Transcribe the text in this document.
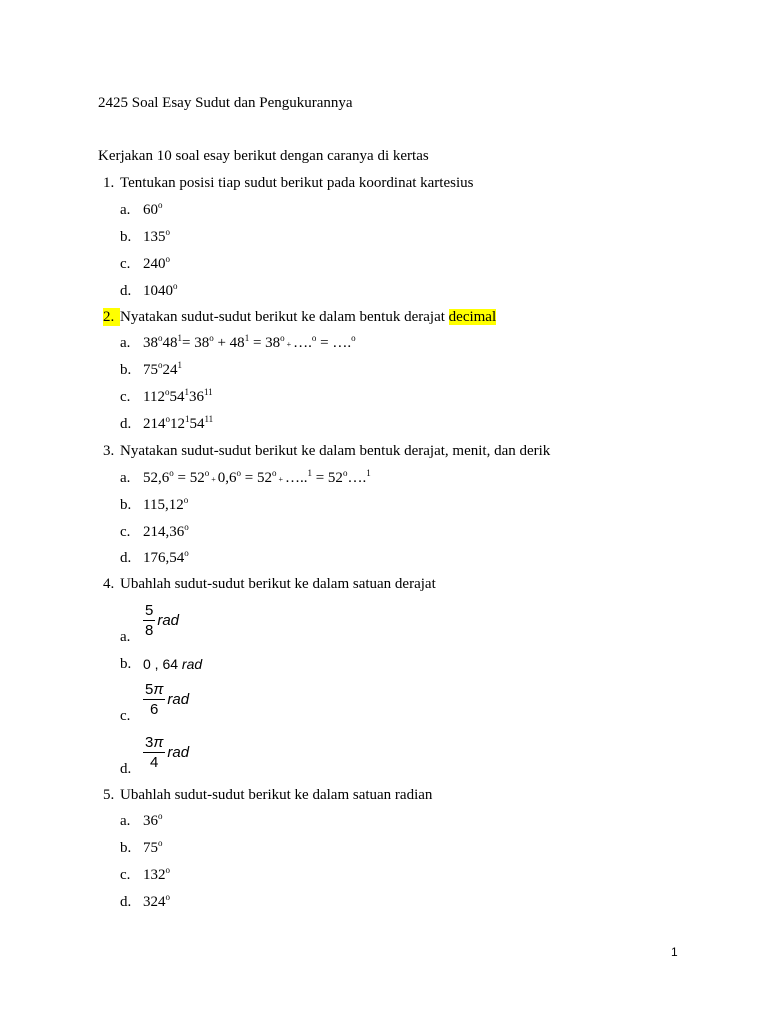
2425 Soal Esay Sudut dan Pengukurannya
Kerjakan 10 soal esay berikut dengan caranya di kertas
1. Tentukan posisi tiap sudut berikut pada koordinat kartesius
a. 60$^o$
b. 135$^o$
c. 240$^o$
d. 1040$^o$
2. Nyatakan sudut-sudut berikut ke dalam bentuk derajat decimal
a. $38^o48^1= 38^o + 48^1 = 38^o$ + ….$^o$ = ….$^o$
b. $75^o24^1$
c. $112^o54^136^{11}$
d. $214^o12^154^{11}$
3. Nyatakan sudut-sudut berikut ke dalam bentuk derajat, menit, dan derik
a. $52,6^o = 52^o + 0,6^o = 52^o$ + …..$^1$ = $52^o\dots.^1$
b. 115,12$^o$
c. 214,36$^o$
d. 176,54$^o$
4. Ubahlah sudut-sudut berikut ke dalam satuan derajat
a. $\frac{5}{8}$ rad
b. 0 , 64 rad
c. $\frac{5\pi}{6}$ rad
d. $\frac{3\pi}{4}$ rad
5. Ubahlah sudut-sudut berikut ke dalam satuan radian
a. 36$^o$
b. 75$^o$
c. 132$^o$
d. 324$^o$
1
